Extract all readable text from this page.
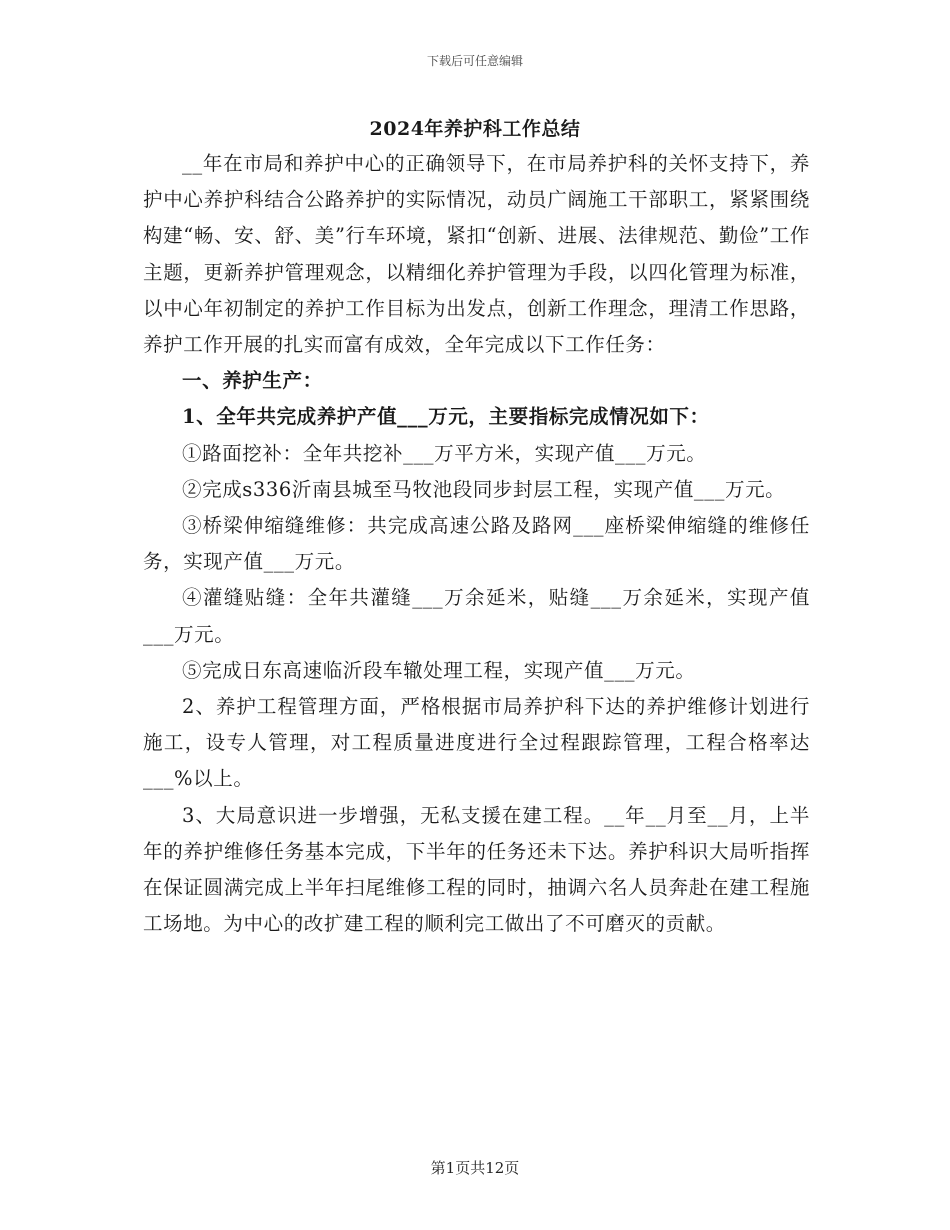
下载后可任意编辑
2024年养护科工作总结

__年在市局和养护中心的正确领导下，在市局养护科的关怀支持下，养护中心养护科结合公路养护的实际情况，动员广阔施工干部职工，紧紧围绕构建“畅、安、舒、美”行车环境，紧扣“创新、进展、法律规范、勤俭”工作主题，更新养护管理观念，以精细化养护管理为手段，以四化管理为标准，以中心年初制定的养护工作目标为出发点，创新工作理念，理清工作思路，养护工作开展的扎实而富有成效，全年完成以下工作任务：

一、养护生产：

1、全年共完成养护产值___万元，主要指标完成情况如下：

①路面挖补：全年共挖补___万平方米，实现产值___万元。

②完成s336沂南县城至马牧池段同步封层工程，实现产值___万元。

③桥梁伸缩缝维修：共完成高速公路及路网___座桥梁伸缩缝的维修任务，实现产值___万元。

④灌缝贴缝：全年共灌缝___万余延米，贴缝___万余延米，实现产值___万元。

⑤完成日东高速临沂段车辙处理工程，实现产值___万元。

2、养护工程管理方面，严格根据市局养护科下达的养护维修计划进行施工，设专人管理，对工程质量进度进行全过程跟踪管理，工程合格率达___%以上。

3、大局意识进一步增强，无私支援在建工程。__年__月至__月，上半年的养护维修任务基本完成，下半年的任务还未下达。养护科识大局听指挥在保证圆满完成上半年扫尾维修工程的同时，抽调六名人员奔赴在建工程施工场地。为中心的改扩建工程的顺利完工做出了不可磨灭的贡献。

第1页共12页
